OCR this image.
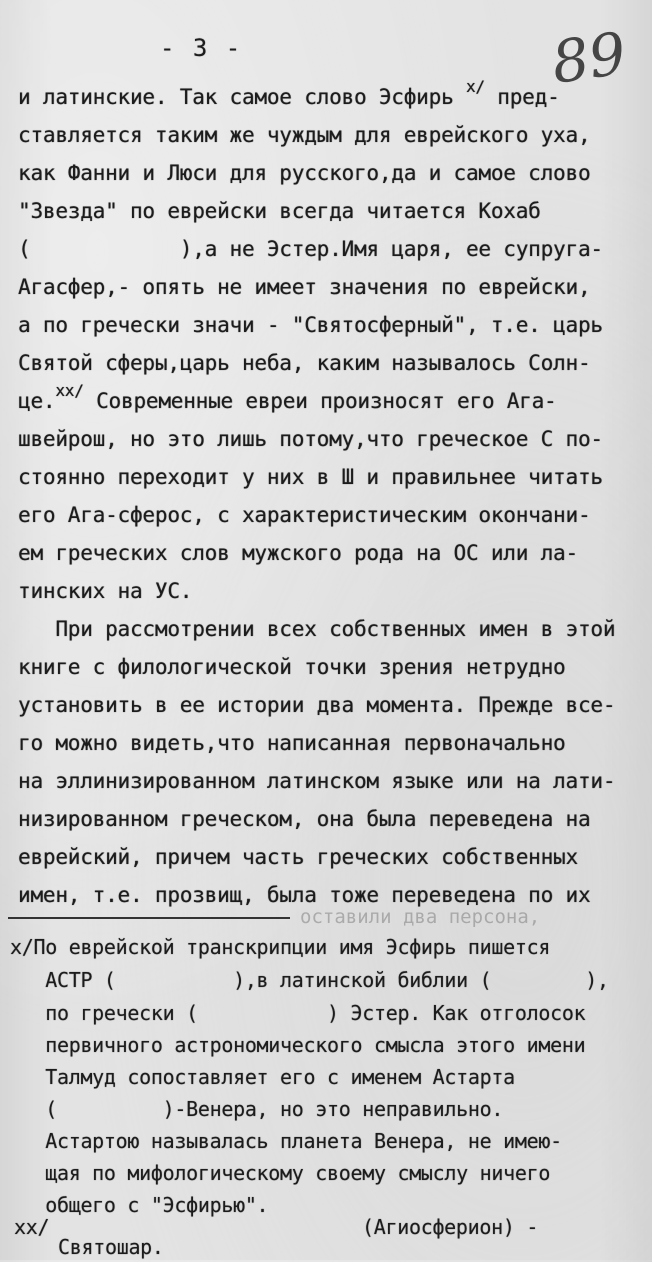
- 3 -	89
и латинские. Так самое слово Эсфирь $^{x/}$ пред-
ставляется таким же чуждым для еврейского уха,
как Фанни и Люси для русского,да и самое слово
"Звезда" по еврейски всегда читается Кохаб
(            ),а не Эстер.Имя царя, ее супруга-
Агасфер,- опять не имеет значения по еврейски,
а по гречески значи - "Святосферный", т.е. царь
Святой сферы,царь неба, каким называлось Солн-
це.$^{xx/}$ Современные евреи произносят его Ага-
швейрош, но это лишь потому,что греческое С по-
стоянно переходит у них в Ш и правильнее читать
его Ага-сферос, с характеристическим окончани-
ем греческих слов мужского рода на ОС или ла-
тинских на УС.
При рассмотрении всех собственных имен в этой
книге с филологической точки зрения нетрудно
установить в ее истории два момента. Прежде все-
го можно видеть,что написанная первоначально
на эллинизированном латинском языке или на лати-
низированном греческом, она была переведена на
еврейский, причем часть греческих собственных
имен, т.е. прозвищ, была тоже переведена по их
оставили два персона,
x/По еврейской транскрипции имя Эсфирь пишется
АСТР (          ),в латинской библии (        ),
по гречески (           ) Эстер. Как отголосок
первичного астрономического смысла этого имени
Талмуд сопоставляет его с именем Астарта
(         )-Венера, но это неправильно.
Астартою называлась планета Венера, не имею-
щая по мифологическому своему смыслу ничего
общего с "Эсфирью".
xx/	(Агиосферион) -
Святошар.
